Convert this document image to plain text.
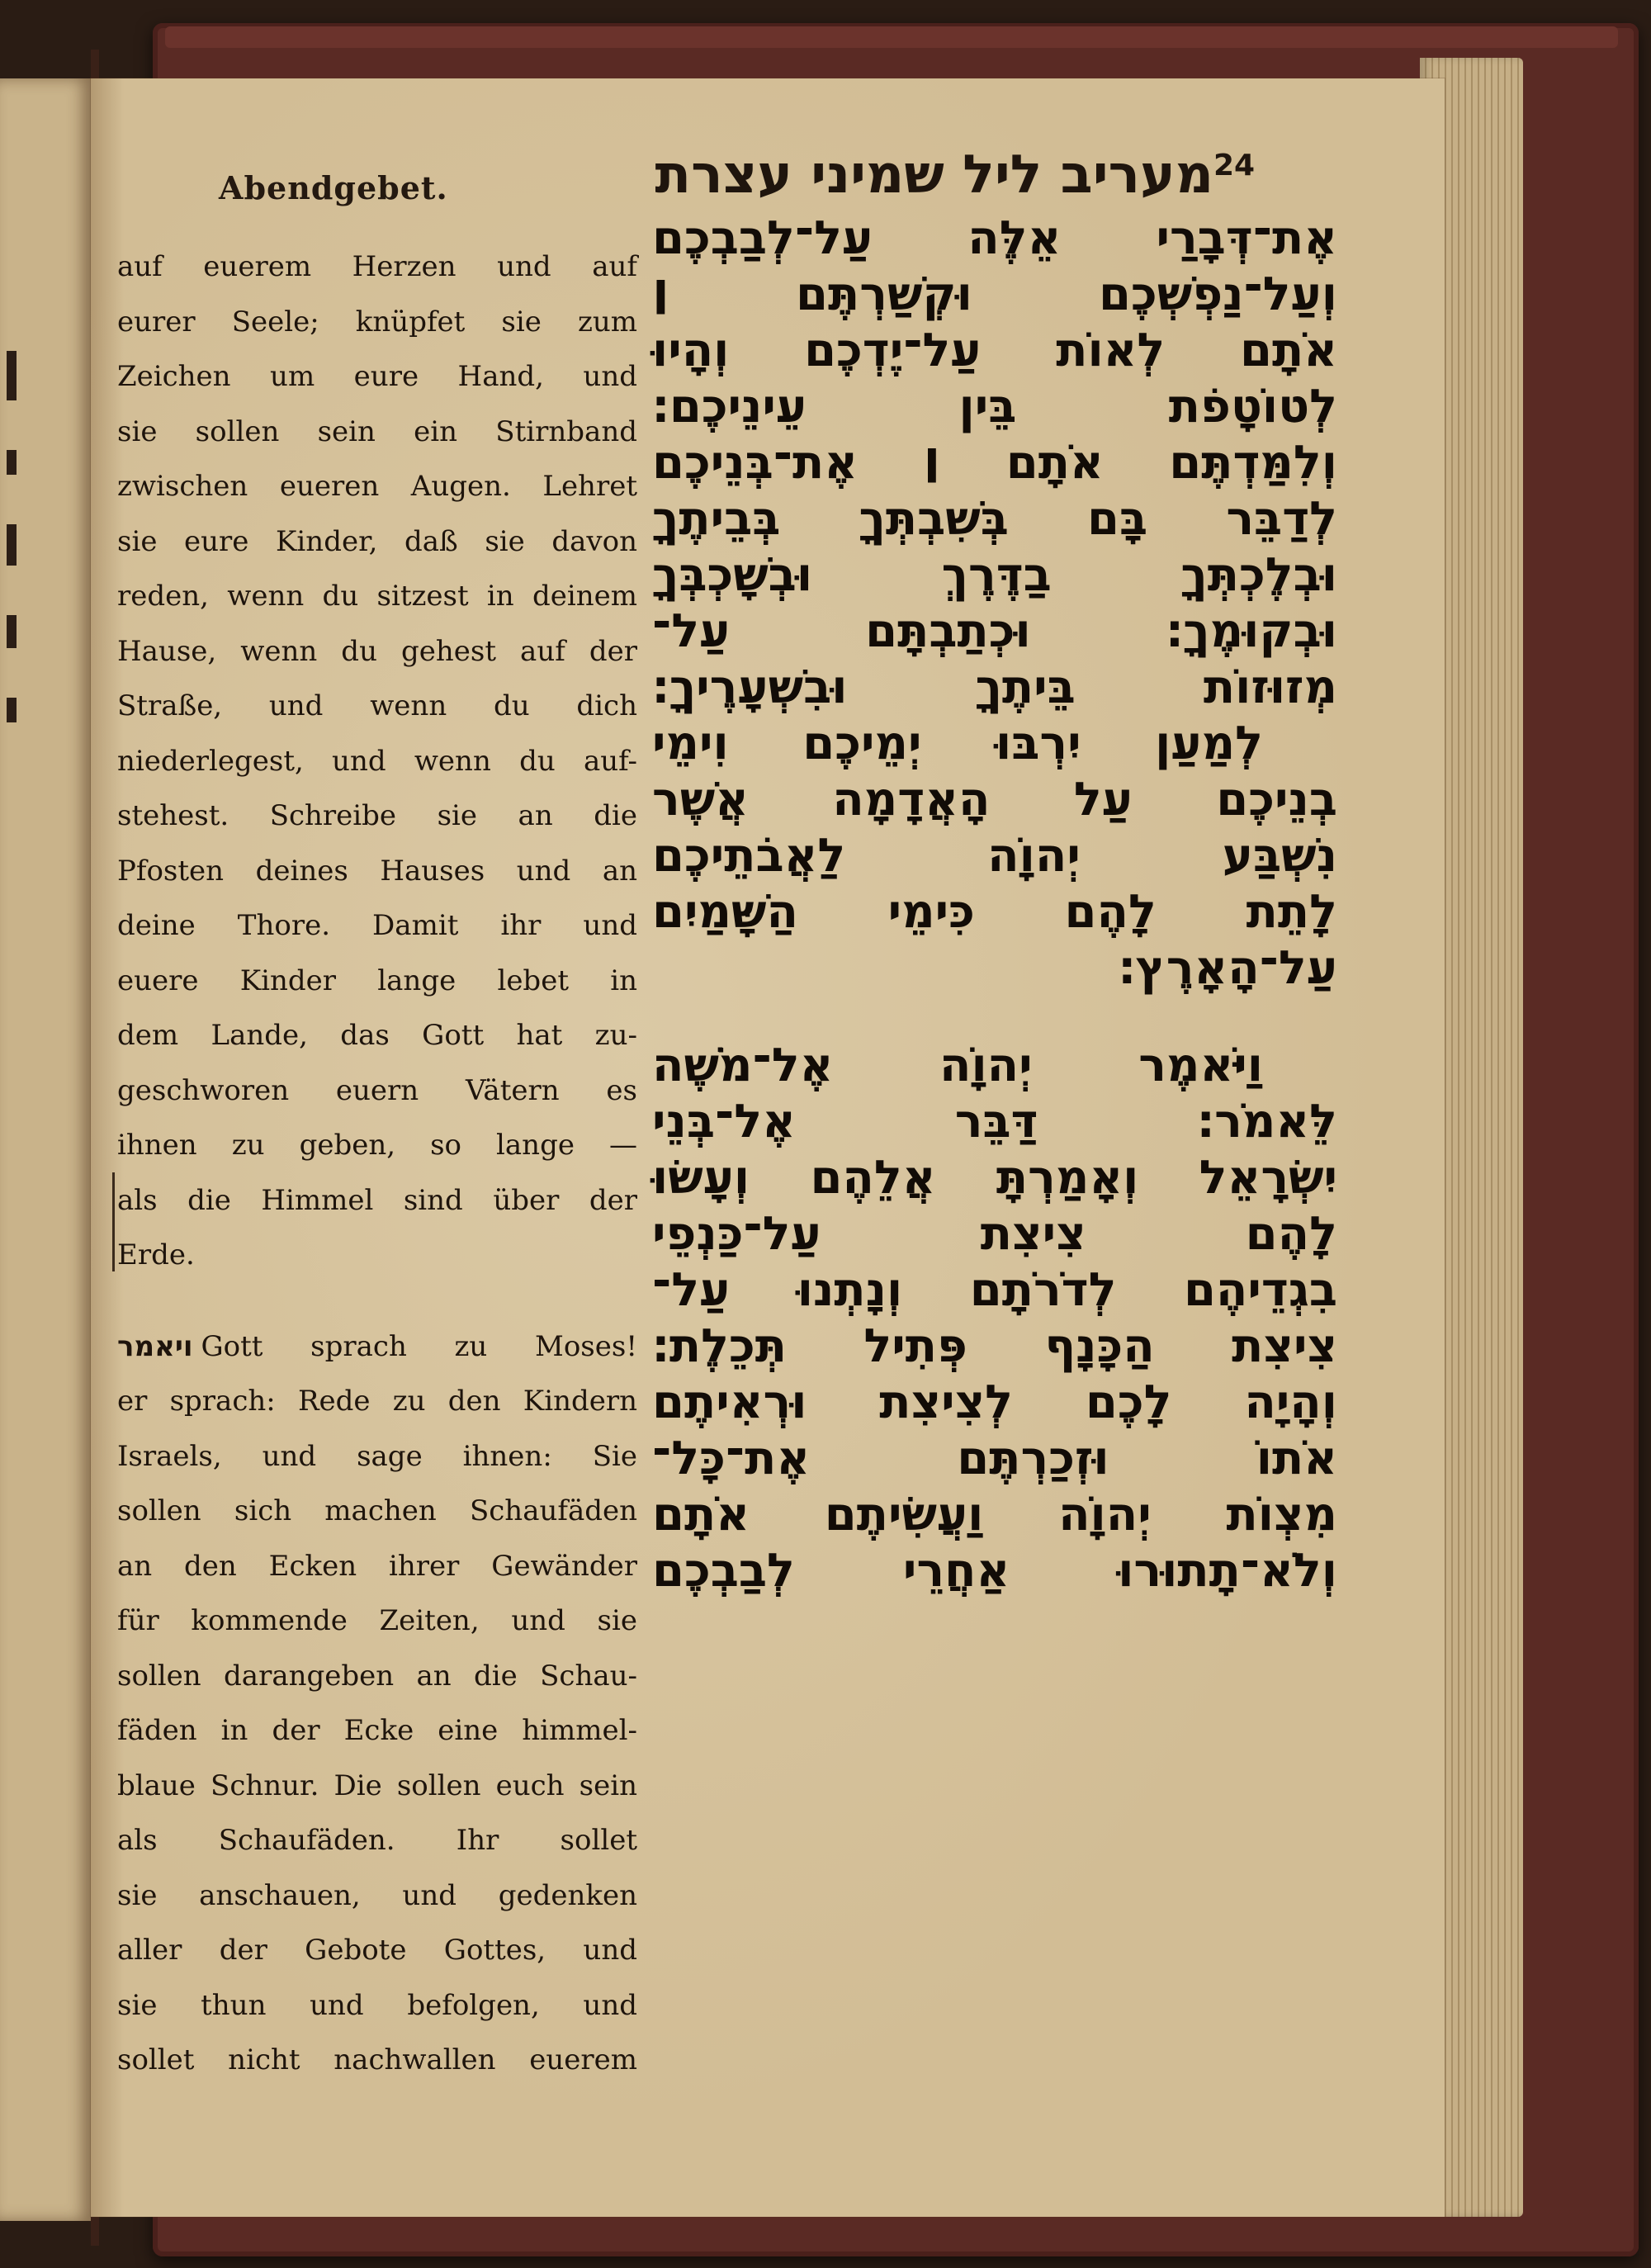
Abendgebet.	מעריב ליל שמיני עצרת 24
auf euerem Herzen und auf
eurer Seele; knüpfet sie zum
Zeichen um eure Hand, und
sie sollen sein ein Stirnband
zwischen eueren Augen. Lehret
sie eure Kinder, daß sie davon
reden, wenn du sitzest in deinem
Hause, wenn du gehest auf der
Straße, und wenn du dich
niederlegest, und wenn du auf-
stehest. Schreibe sie an die
Pfosten deines Hauses und an
deine Thore. Damit ihr und
euere Kinder lange lebet in
dem Lande, das Gott hat zu-
geschworen euern Vätern es
ihnen zu geben, so lange —
als die Himmel sind über der
Erde.
ויאמר Gott sprach zu Moses!
er sprach: Rede zu den Kindern
Israels, und sage ihnen: Sie
sollen sich machen Schaufäden
an den Ecken ihrer Gewänder
für kommende Zeiten, und sie
sollen darangeben an die Schau-
fäden in der Ecke eine himmel-
blaue Schnur. Die sollen euch sein
als Schaufäden. Ihr sollet
sie anschauen, und gedenken
aller der Gebote Gottes, und
sie thun und befolgen, und
sollet nicht nachwallen euerem
אֶת־דְּבָרַי אֵלֶּה עַל־לְבַבְכֶם
וְעַל־נַפְשְׁכֶם וּקְשַׁרְתֶּם ׀
אֹתָם לְאוֹת עַל־יֶדְכֶם וְהָיוּ
לְטוֹטָפֹת בֵּין עֵינֵיכֶם׃
וְלִמַּדְתֶּם אֹתָם ׀ אֶת־בְּנֵיכֶם
לְדַבֵּר בָּם בְּשִׁבְתְּךָ בְּבֵיתֶךָ
וּבְלֶכְתְּךָ בַדֶּרֶךְ וּבְשָׁכְבְּךָ
וּבְקוּמֶךָ׃ וּכְתַבְתָּם עַל־
מְזוּזוֹת בֵּיתֶךָ וּבִשְׁעָרֶיךָ׃
לְמַעַן יִרְבּוּ יְמֵיכֶם וִימֵי
בְנֵיכֶם עַל הָאֲדָמָה אֲשֶׁר
נִשְׁבַּע יְהוָֹה לַאֲבֹתֵיכֶם
לָתֵת לָהֶם כִּימֵי הַשָּׁמַיִם
עַל־הָאָרֶץ׃
וַיֹּאמֶר יְהוָֹה אֶל־מֹשֶׁה
לֵּאמֹר׃ דַּבֵּר אֶל־בְּנֵי
יִשְׂרָאֵל וְאָמַרְתָּ אֲלֵהֶם וְעָשׂוּ
לָהֶם צִיצִת עַל־כַּנְפֵי
בִגְדֵיהֶם לְדֹרֹתָם וְנָתְנוּ עַל־
צִיצִת הַכָּנָף פְּתִיל תְּכֵלֶת׃
וְהָיָה לָכֶם לְצִיצִת וּרְאִיתֶם
אֹתוֹ וּזְכַרְתֶּם אֶת־כָּל־
מִצְוֹת יְהוָֹה וַעֲשִׂיתֶם אֹתָם
וְלֹא־תָתוּרוּ אַחֲרֵי לְבַבְכֶם
